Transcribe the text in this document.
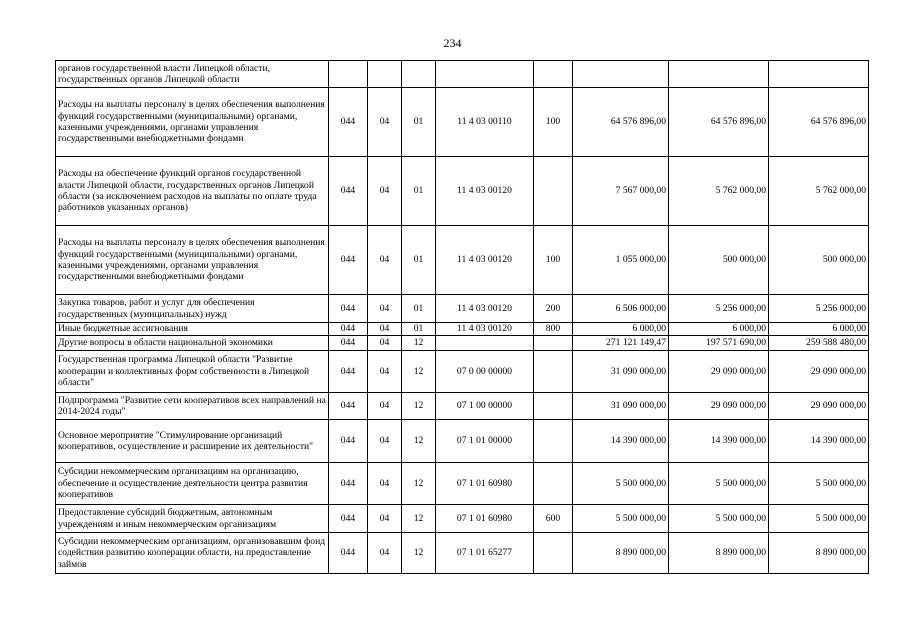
234
органов государственной власти Липецкой области, государственных органов Липецкой области								
Расходы на выплаты персоналу в целях обеспечения выполнения функций государственными (муниципальными) органами, казенными учреждениями, органами управления государственными внебюджетными фондами	044	04	01	11 4 03 00110	100	64 576 896,00	64 576 896,00	64 576 896,00
Расходы на обеспечение функций органов государственной власти Липецкой области, государственных органов Липецкой области (за исключением расходов на выплаты по оплате труда работников указанных органов)	044	04	01	11 4 03 00120		7 567 000,00	5 762 000,00	5 762 000,00
Расходы на выплаты персоналу в целях обеспечения выполнения функций государственными (муниципальными) органами, казенными учреждениями, органами управления государственными внебюджетными фондами	044	04	01	11 4 03 00120	100	1 055 000,00	500 000,00	500 000,00
Закупка товаров, работ и услуг для обеспечения государственных (муниципальных) нужд	044	04	01	11 4 03 00120	200	6 506 000,00	5 256 000,00	5 256 000,00
Иные бюджетные ассигнования	044	04	01	11 4 03 00120	800	6 000,00	6 000,00	6 000,00
Другие вопросы в области национальной экономики	044	04	12			271 121 149,47	197 571 690,00	259 588 480,00
Государственная программа Липецкой области "Развитие кооперации и коллективных форм собственности в Липецкой области"	044	04	12	07 0 00 00000		31 090 000,00	29 090 000,00	29 090 000,00
Подпрограмма "Развитие сети кооперативов всех направлений на 2014-2024 годы"	044	04	12	07 1 00 00000		31 090 000,00	29 090 000,00	29 090 000,00
Основное мероприятие "Стимулирование организаций кооперативов, осуществление и расширение их деятельности"	044	04	12	07 1 01 00000		14 390 000,00	14 390 000,00	14 390 000,00
Субсидии некоммерческим организациям на организацию, обеспечение и осуществление деятельности центра развития кооперативов	044	04	12	07 1 01 60980		5 500 000,00	5 500 000,00	5 500 000,00
Предоставление субсидий бюджетным, автономным учреждениям и иным некоммерческим организациям	044	04	12	07 1 01 60980	600	5 500 000,00	5 500 000,00	5 500 000,00
Субсидии некоммерческим организациям, организовавшим фонд содействия развитию кооперации области, на предоставление займов	044	04	12	07 1 01 65277		8 890 000,00	8 890 000,00	8 890 000,00
